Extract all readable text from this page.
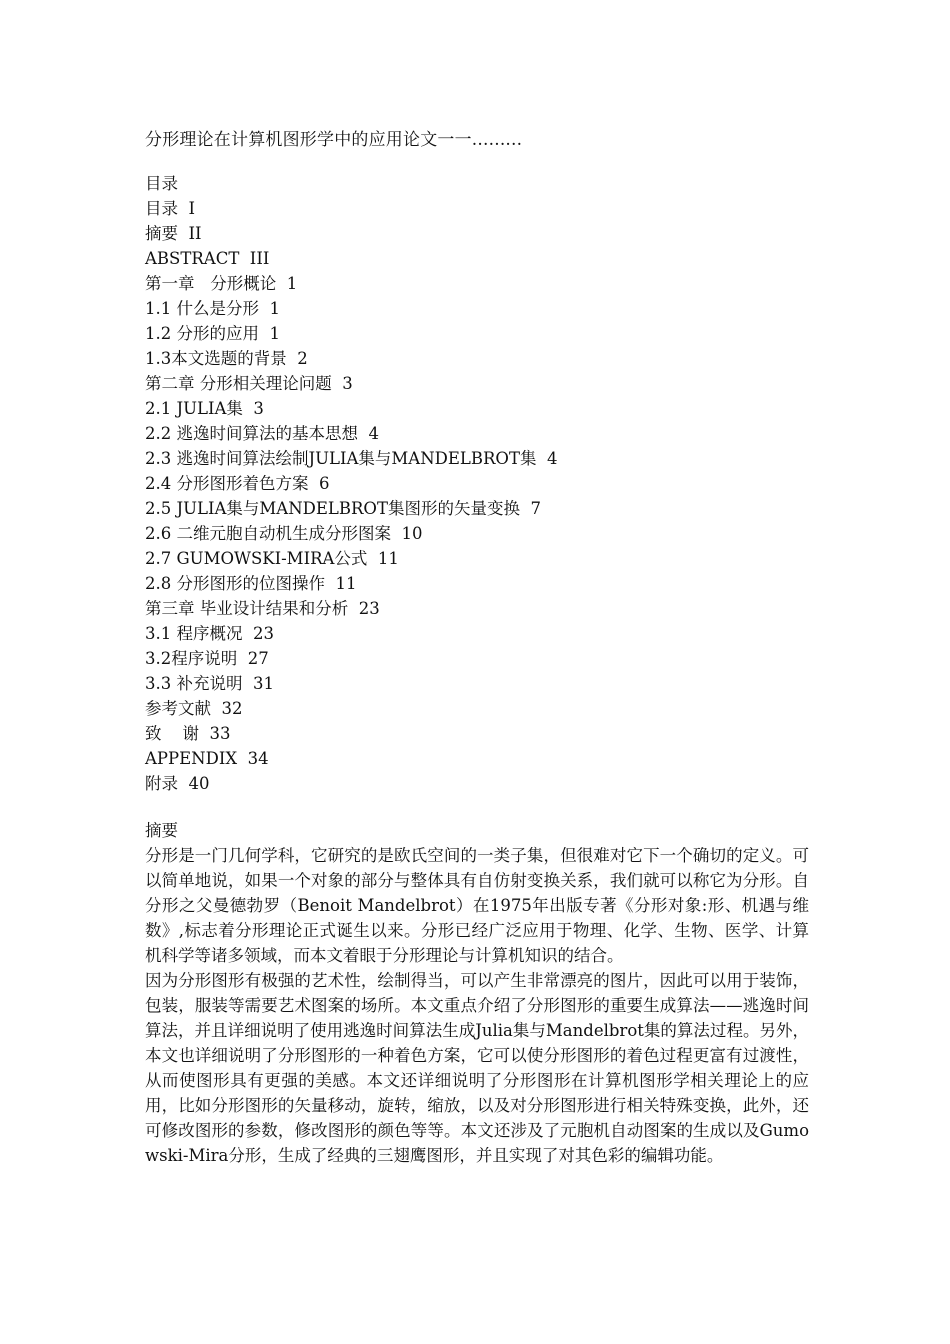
分形理论在计算机图形学中的应用论文一一.........
目录
目录  I
摘要  II
ABSTRACT  III
第一章   分形概论  1
1.1 什么是分形  1
1.2 分形的应用  1
1.3本文选题的背景  2
第二章 分形相关理论问题  3
2.1 JULIA集  3
2.2 逃逸时间算法的基本思想  4
2.3 逃逸时间算法绘制JULIA集与MANDELBROT集  4
2.4 分形图形着色方案  6
2.5 JULIA集与MANDELBROT集图形的矢量变换  7
2.6 二维元胞自动机生成分形图案  10
2.7 GUMOWSKI-MIRA公式  11
2.8 分形图形的位图操作  11
第三章 毕业设计结果和分析  23
3.1 程序概况  23
3.2程序说明  27
3.3 补充说明  31
参考文献  32
致    谢  33
APPENDIX  34
附录  40
摘要

分形是一门几何学科，它研究的是欧氏空间的一类子集，但很难对它下一个确切的定义。可以简单地说，如果一个对象的部分与整体具有自仿射变换关系，我们就可以称它为分形。自分形之父曼德勃罗（Benoit Mandelbrot）在1975年出版专著《分形对象:形、机遇与维数》,标志着分形理论正式诞生以来。分形已经广泛应用于物理、化学、生物、医学、计算机科学等诸多领域，而本文着眼于分形理论与计算机知识的结合。

因为分形图形有极强的艺术性，绘制得当，可以产生非常漂亮的图片，因此可以用于装饰，包装，服装等需要艺术图案的场所。本文重点介绍了分形图形的重要生成算法——逃逸时间算法，并且详细说明了使用逃逸时间算法生成Julia集与Mandelbrot集的算法过程。另外，本文也详细说明了分形图形的一种着色方案，它可以使分形图形的着色过程更富有过渡性，从而使图形具有更强的美感。本文还详细说明了分形图形在计算机图形学相关理论上的应用，比如分形图形的矢量移动，旋转，缩放，以及对分形图形进行相关特殊变换，此外，还可修改图形的参数，修改图形的颜色等等。本文还涉及了元胞机自动图案的生成以及Gumowski-Mira分形，生成了经典的三翅鹰图形，并且实现了对其色彩的编辑功能。
